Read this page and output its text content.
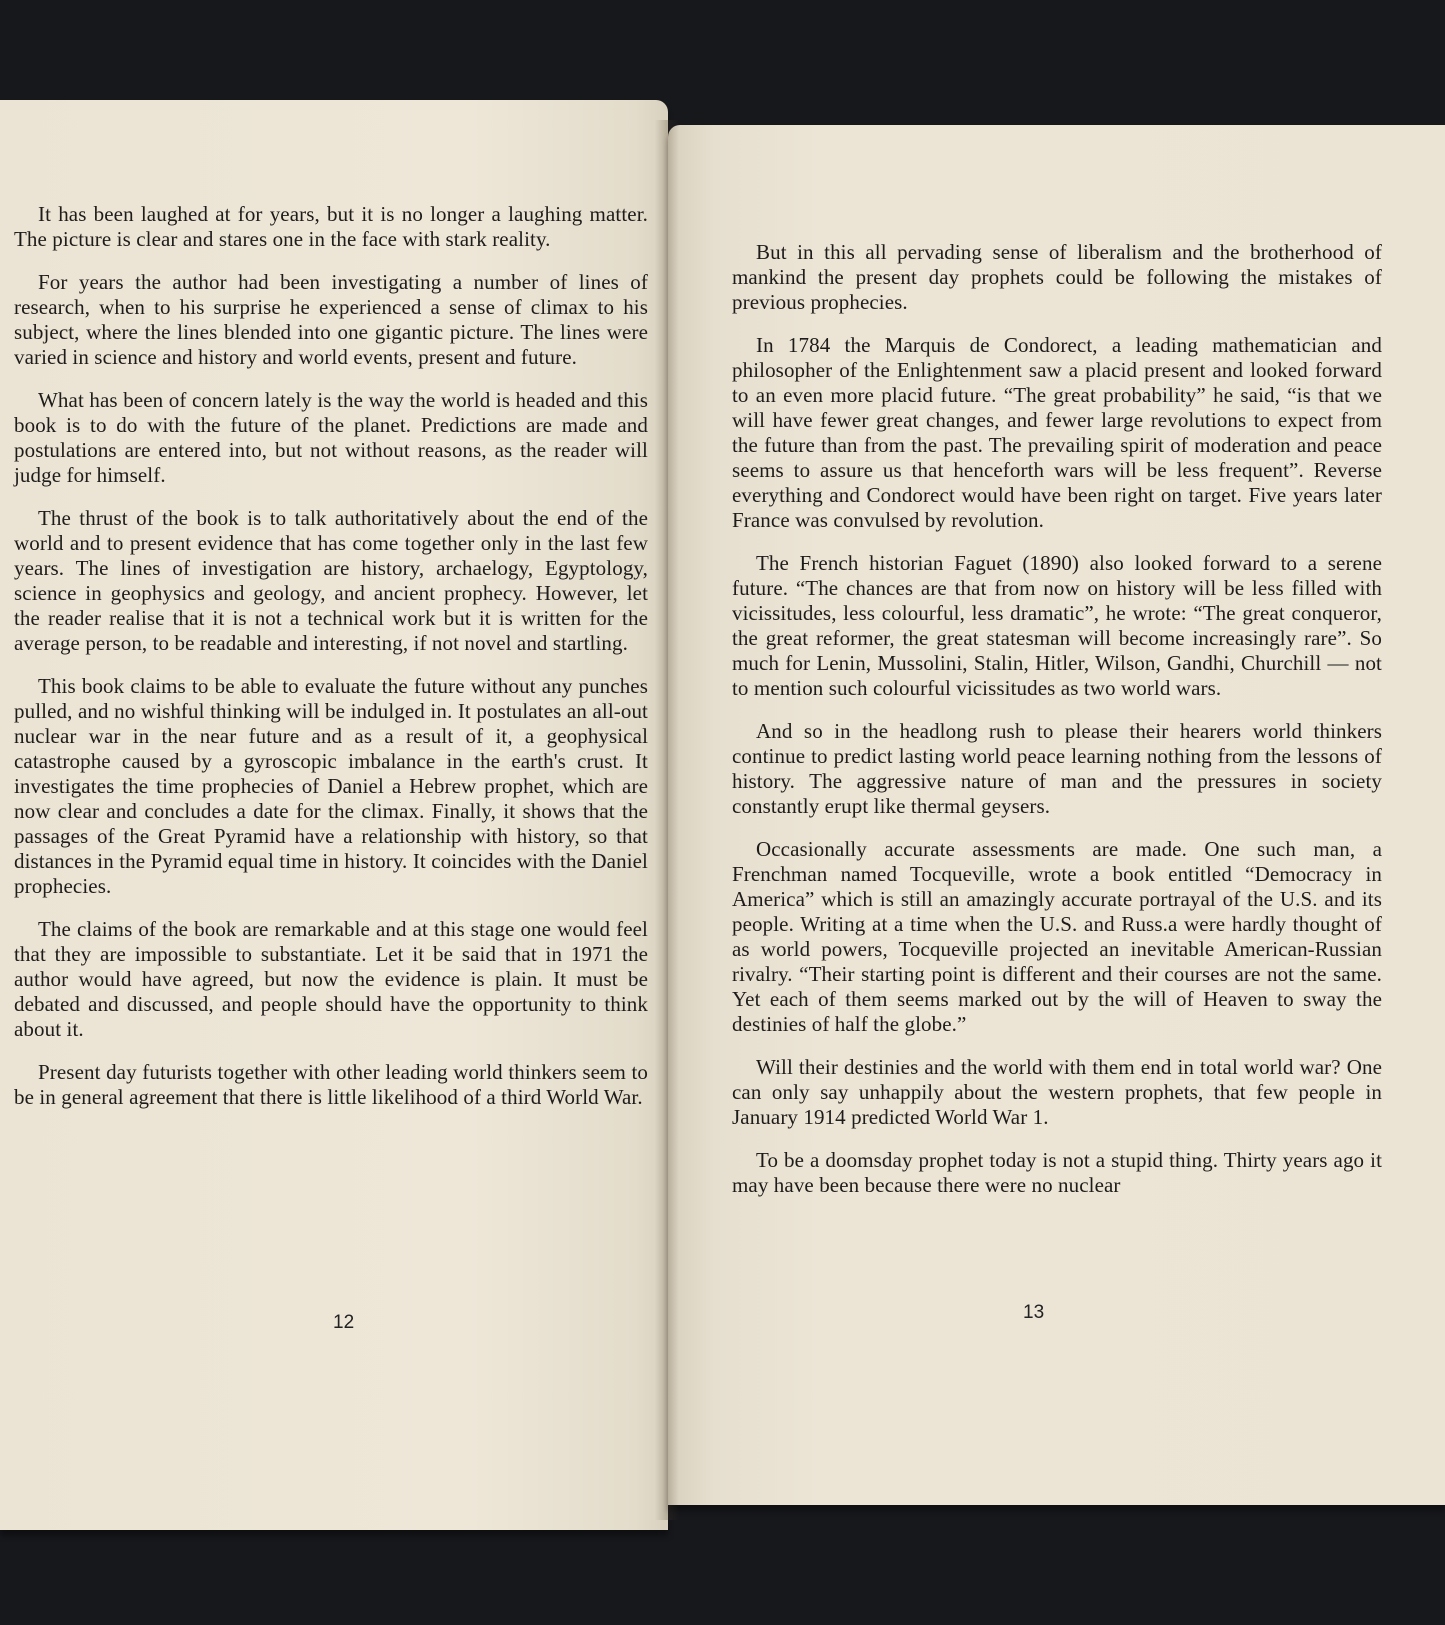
It has been laughed at for years, but it is no longer a laughing matter. The picture is clear and stares one in the face with stark reality.

For years the author had been investigating a number of lines of research, when to his surprise he experienced a sense of climax to his subject, where the lines blended into one gigantic picture. The lines were varied in science and history and world events, present and future.

What has been of concern lately is the way the world is headed and this book is to do with the future of the planet. Predictions are made and postulations are entered into, but not without reasons, as the reader will judge for himself.

The thrust of the book is to talk authoritatively about the end of the world and to present evidence that has come together only in the last few years. The lines of investigation are history, archaelogy, Egyptology, science in geophysics and geology, and ancient prophecy. However, let the reader realise that it is not a technical work but it is written for the average person, to be readable and interesting, if not novel and startling.

This book claims to be able to evaluate the future without any punches pulled, and no wishful thinking will be indulged in. It postulates an all-out nuclear war in the near future and as a result of it, a geophysical catastrophe caused by a gyroscopic imbalance in the earth's crust. It investigates the time prophecies of Daniel a Hebrew prophet, which are now clear and concludes a date for the climax. Finally, it shows that the passages of the Great Pyramid have a relationship with history, so that distances in the Pyramid equal time in history. It coincides with the Daniel prophecies.

The claims of the book are remarkable and at this stage one would feel that they are impossible to substantiate. Let it be said that in 1971 the author would have agreed, but now the evidence is plain. It must be debated and discussed, and people should have the opportunity to think about it.

Present day futurists together with other leading world thinkers seem to be in general agreement that there is little likelihood of a third World War.

12

But in this all pervading sense of liberalism and the brotherhood of mankind the present day prophets could be following the mistakes of previous prophecies.

In 1784 the Marquis de Condorect, a leading mathematician and philosopher of the Enlightenment saw a placid present and looked forward to an even more placid future. “The great probability” he said, “is that we will have fewer great changes, and fewer large revolutions to expect from the future than from the past. The prevailing spirit of moderation and peace seems to assure us that henceforth wars will be less frequent”. Reverse everything and Condorect would have been right on target. Five years later France was convulsed by revolution.

The French historian Faguet (1890) also looked forward to a serene future. “The chances are that from now on history will be less filled with vicissitudes, less colourful, less dramatic”, he wrote: “The great conqueror, the great reformer, the great statesman will become increasingly rare”. So much for Lenin, Mussolini, Stalin, Hitler, Wilson, Gandhi, Churchill — not to mention such colourful vicissitudes as two world wars.

And so in the headlong rush to please their hearers world thinkers continue to predict lasting world peace learning nothing from the lessons of history. The aggressive nature of man and the pressures in society constantly erupt like thermal geysers.

Occasionally accurate assessments are made. One such man, a Frenchman named Tocqueville, wrote a book entitled “Democracy in America” which is still an amazingly accurate portrayal of the U.S. and its people. Writing at a time when the U.S. and Russ.a were hardly thought of as world powers, Tocqueville projected an inevitable American-Russian rivalry. “Their starting point is different and their courses are not the same. Yet each of them seems marked out by the will of Heaven to sway the destinies of half the globe.”

Will their destinies and the world with them end in total world war? One can only say unhappily about the western prophets, that few people in January 1914 predicted World War 1.

To be a doomsday prophet today is not a stupid thing. Thirty years ago it may have been because there were no nuclear

13
